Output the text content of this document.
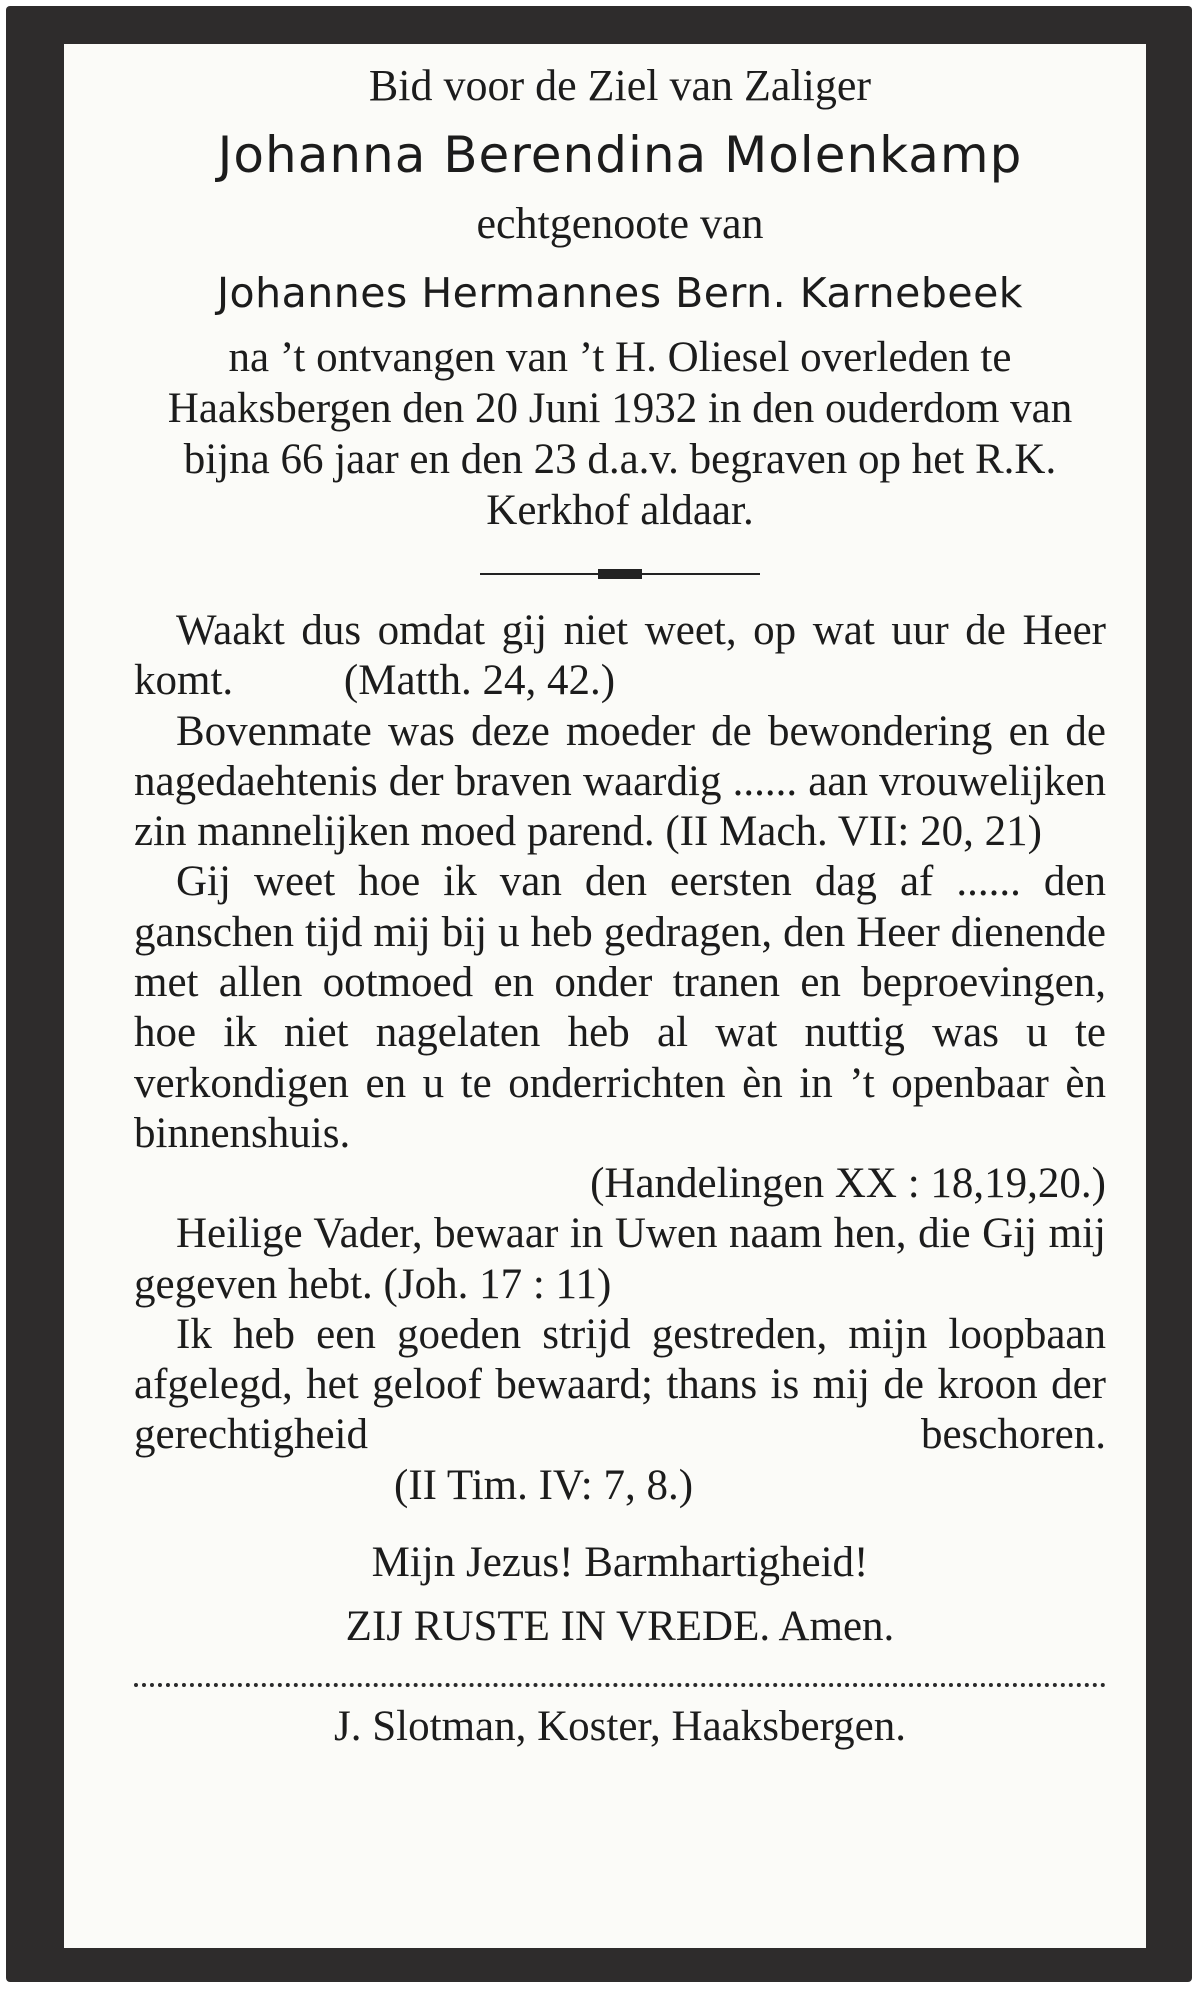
Bid voor de Ziel van Zaliger

Johanna Berendina Molenkamp

echtgenoote van

Johannes Hermannes Bern. Karnebeek

na ’t ontvangen van ’t H. Oliesel overleden te Haaksbergen den 20 Juni 1932 in den ouderdom van bijna 66 jaar en den 23 d.a.v. begraven op het R.K. Kerkhof aldaar.

Waakt dus omdat gij niet weet, op wat uur de Heer komt.	(Matth. 24, 42.)

Bovenmate was deze moeder de bewondering en de nagedaehtenis der braven waardig ...... aan vrouwelijken zin mannelijken moed parend. (II Mach. VII: 20, 21)

Gij weet hoe ik van den eersten dag af ...... den ganschen tijd mij bij u heb gedragen, den Heer dienende met allen ootmoed en onder tranen en beproevingen, hoe ik niet nagelaten heb al wat nuttig was u te verkondigen en u te onderrichten èn in ’t openbaar èn binnenshuis.

(Handelingen XX : 18,19,20.)

Heilige Vader, bewaar in Uwen naam hen, die Gij mij gegeven hebt. (Joh. 17 : 11)

Ik heb een goeden strijd gestreden, mijn loopbaan afgelegd, het geloof bewaard; thans is mij de kroon der gerechtigheid beschoren. (II Tim. IV: 7, 8.)

Mijn Jezus! Barmhartigheid!

ZIJ RUSTE IN VREDE. Amen.

J. Slotman, Koster, Haaksbergen.
